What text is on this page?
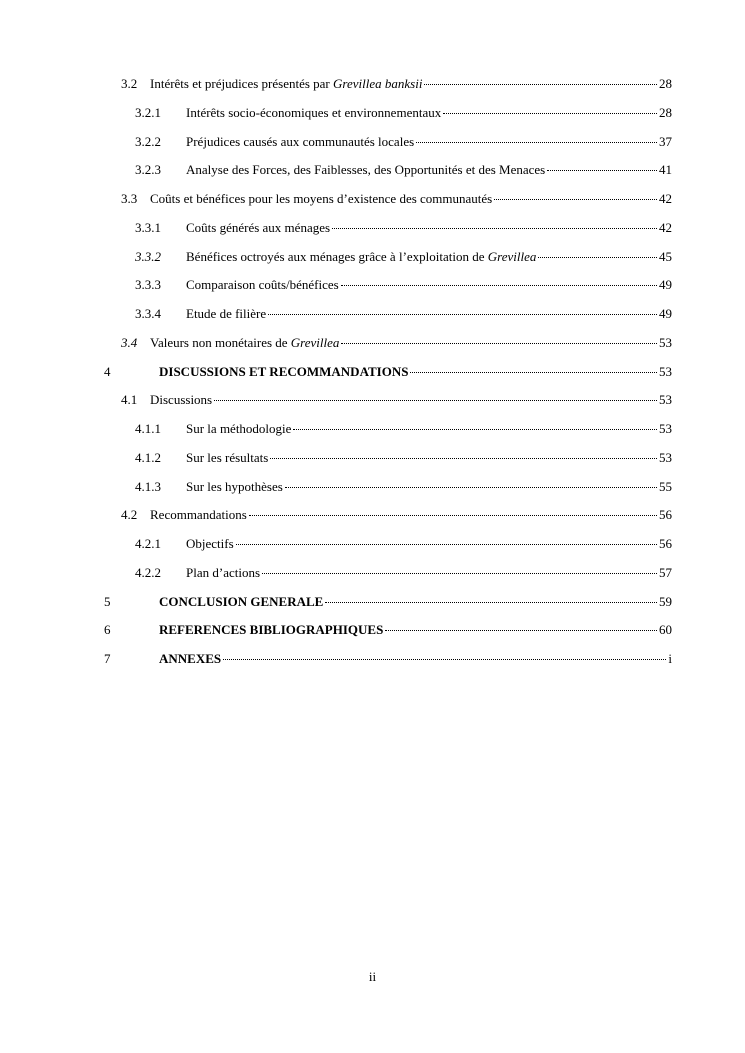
3.2 Intérêts et préjudices présentés par Grevillea banksii	28
3.2.1	Intérêts socio-économiques et environnementaux	28
3.2.2	Préjudices causés aux communautés locales	37
3.2.3	Analyse des Forces, des Faiblesses, des Opportunités et des Menaces	41
3.3 Coûts et bénéfices pour les moyens d’existence des communautés	42
3.3.1	Coûts générés aux ménages	42
3.3.2	Bénéfices octroyés aux ménages grâce à l’exploitation de Grevillea	45
3.3.3	Comparaison coûts/bénéfices	49
3.3.4	Etude de filière	49
3.4 Valeurs non monétaires de Grevillea	53
4	DISCUSSIONS ET RECOMMANDATIONS	53
4.1 Discussions	53
4.1.1	Sur la méthodologie	53
4.1.2	Sur les résultats	53
4.1.3	Sur les hypothèses	55
4.2 Recommandations	56
4.2.1	Objectifs	56
4.2.2	Plan d’actions	57
5	CONCLUSION GENERALE	59
6	REFERENCES BIBLIOGRAPHIQUES	60
7	ANNEXES	i
ii
